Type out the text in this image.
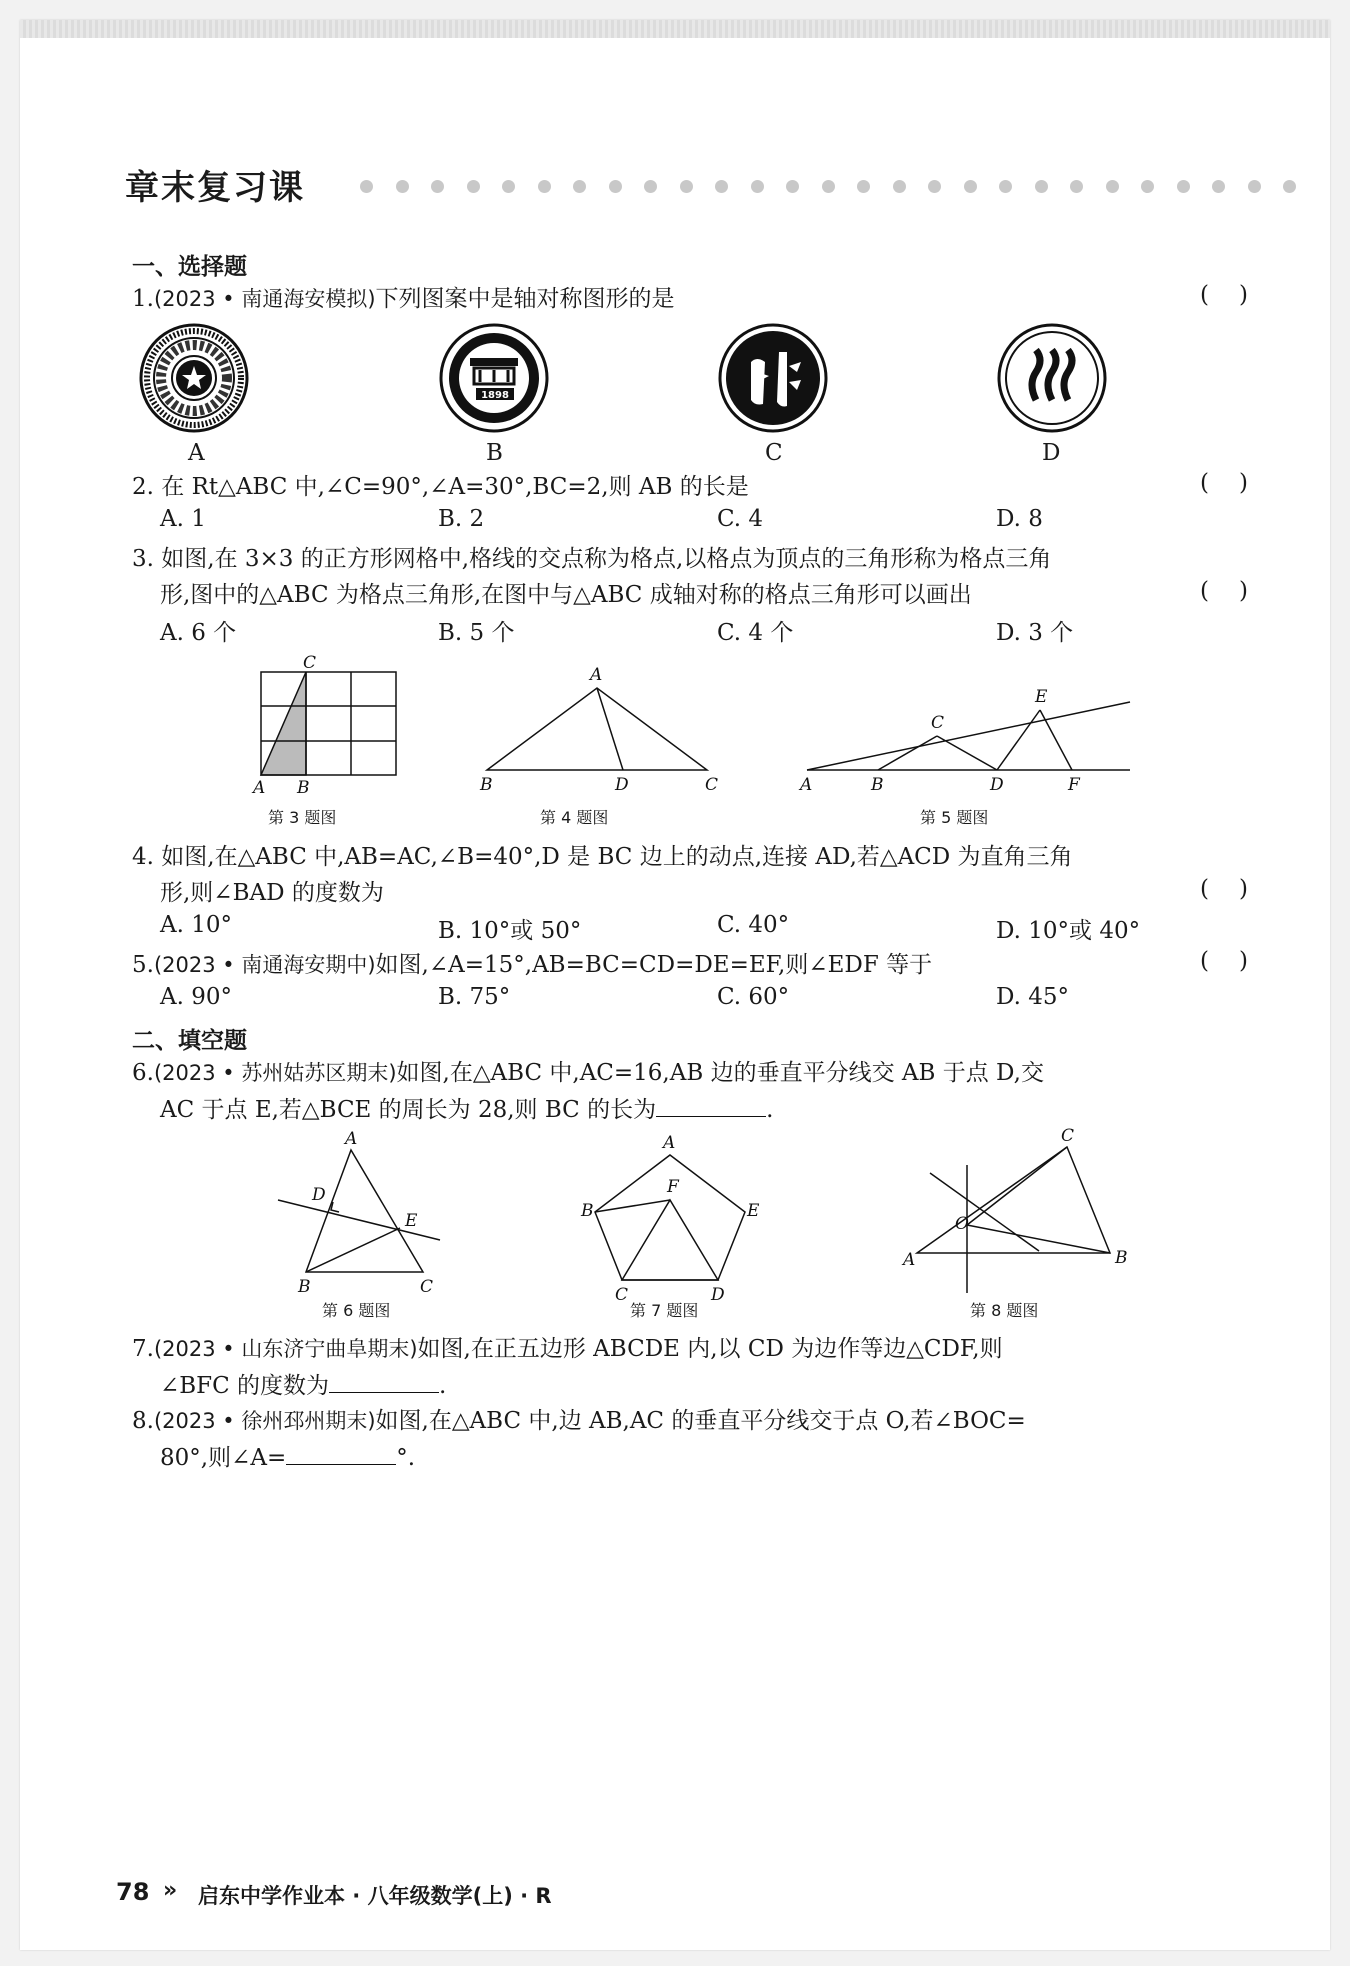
章末复习课
一、选择题
1.(2023 • 南通海安模拟)下列图案中是轴对称图形的是	()
1898
A	B	C	D
2. 在 Rt△ABC 中,∠C=90°,∠A=30°,BC=2,则 AB 的长是	()
A. 1	B. 2	C. 4	D. 8
3. 如图,在 3×3 的正方形网格中,格线的交点称为格点,以格点为顶点的三角形称为格点三角
形,图中的△ABC 为格点三角形,在图中与△ABC 成轴对称的格点三角形可以画出	()
A. 6 个	B. 5 个	C. 4 个	D. 3 个
C
A B
第 3 题图
A
B	D	C
第 4 题图
A	B
C
D
E
F
第 5 题图
4. 如图,在△ABC 中,AB=AC,∠B=40°,D 是 BC 边上的动点,连接 AD,若△ACD 为直角三角
形,则∠BAD 的度数为	()
A. 10°	B. 10°或 50°	C. 40°	D. 10°或 40°
5.(2023 • 南通海安期中)如图,∠A=15°,AB=BC=CD=DE=EF,则∠EDF 等于	()
A. 90°	B. 75°	C. 60°	D. 45°
二、填空题
6.(2023 • 苏州姑苏区期末)如图,在△ABC 中,AC=16,AB 边的垂直平分线交 AB 于点 D,交
AC 于点 E,若△BCE 的周长为 28,则 BC 的长为	.
A
D
E
B	C
第 6 题图
A
B
F
E
C	D
第 7 题图
A
C
B
O
第 8 题图
7.(2023 • 山东济宁曲阜期末)如图,在正五边形 ABCDE 内,以 CD 为边作等边△CDF,则
∠BFC 的度数为	.
8.(2023 • 徐州邳州期末)如图,在△ABC 中,边 AB,AC 的垂直平分线交于点 O,若∠BOC=
80°,则∠A=	°.
78 » 启东中学作业本 · 八年级数学(上) · R
